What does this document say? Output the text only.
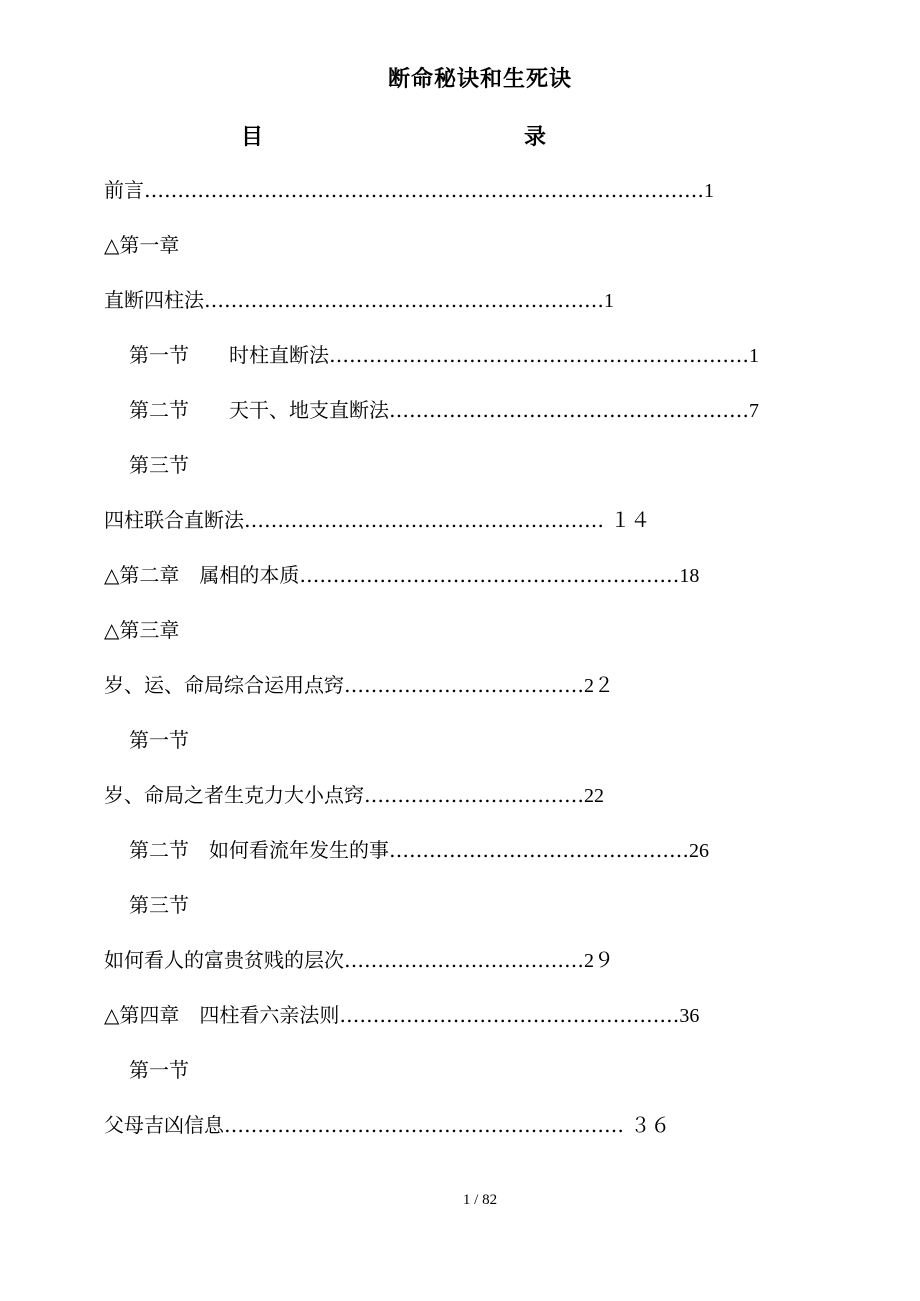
断命秘诀和生死诀
目	录
前言…………………………………………………………………………1
△第一章
直断四柱法……………………………………………………1
第一节　　时柱直断法………………………………………………………1
第二节　　天干、地支直断法………………………………………………7
第三节
四柱联合直断法……………………………………………… １４
△第二章　属相的本质…………………………………………………18
△第三章
岁、运、命局综合运用点窍………………………………2２
第一节
岁、命局之者生克力大小点窍……………………………22
第二节　如何看流年发生的事………………………………………26
第三节
如何看人的富贵贫贱的层次………………………………2９
△第四章　四柱看六亲法则……………………………………………36
第一节
父母吉凶信息…………………………………………………… ３６
1 / 82
